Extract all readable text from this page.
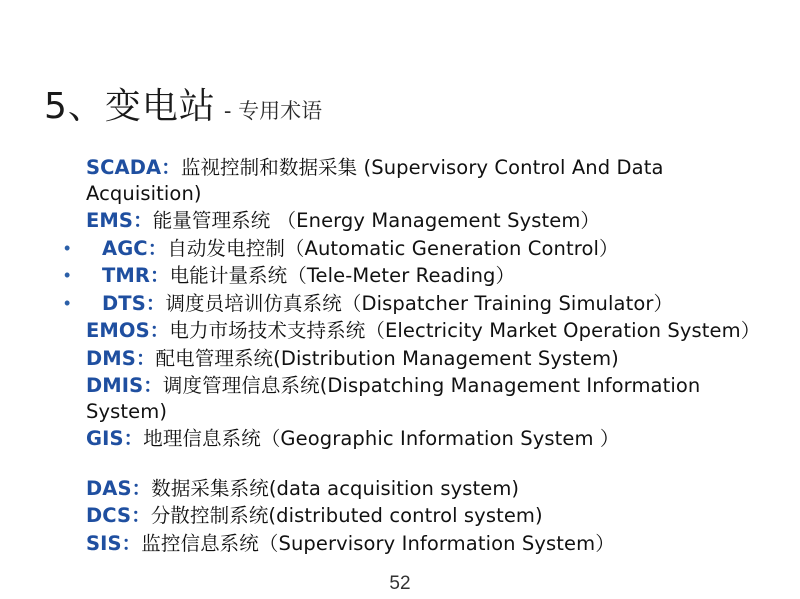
5、变电站 - 专用术语
SCADA：监视控制和数据采集 (Supervisory Control And Data Acquisition)
EMS：能量管理系统 （Energy Management System）
•	AGC：自动发电控制（Automatic Generation Control）
•	TMR：电能计量系统（Tele-Meter Reading）
•	DTS：调度员培训仿真系统（Dispatcher Training Simulator）
EMOS：电力市场技术支持系统（Electricity Market Operation System）
DMS：配电管理系统(Distribution Management System)
DMIS：调度管理信息系统(Dispatching Management Information System)
GIS：地理信息系统（Geographic Information System ）
DAS：数据采集系统(data acquisition system)
DCS：分散控制系统(distributed control system)
SIS：监控信息系统（Supervisory Information System）
52
